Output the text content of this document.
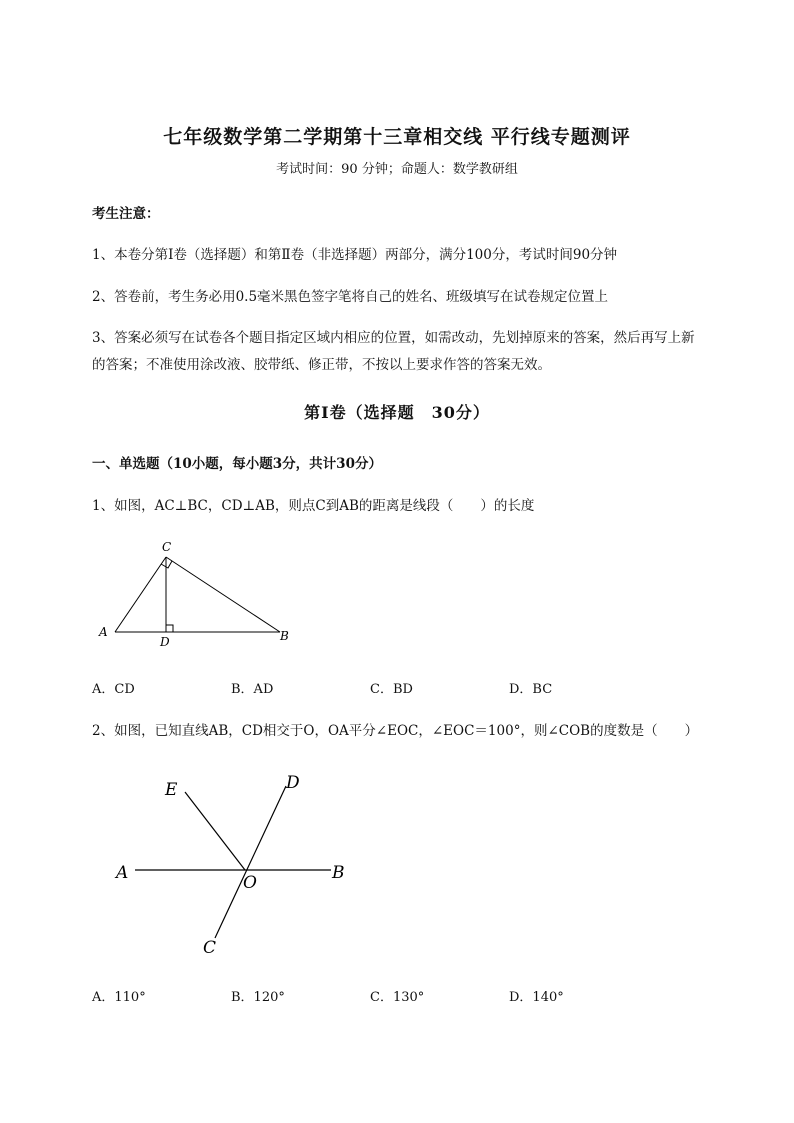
七年级数学第二学期第十三章相交线 平行线专题测评
考试时间：90 分钟；命题人：数学教研组
考生注意：
1、本卷分第Ⅰ卷（选择题）和第Ⅱ卷（非选择题）两部分，满分100分，考试时间90分钟
2、答卷前，考生务必用0.5毫米黑色签字笔将自己的姓名、班级填写在试卷规定位置上
3、答案必须写在试卷各个题目指定区域内相应的位置，如需改动，先划掉原来的答案，然后再写上新
的答案；不准使用涂改液、胶带纸、修正带，不按以上要求作答的答案无效。
第Ⅰ卷（选择题　30分）
一、单选题（10小题，每小题3分，共计30分）
1、如图，AC⊥BC，CD⊥AB，则点C到AB的距离是线段（　　）的长度
A	B
C
D
A．CD	B．AD	C．BD	D．BC
2、如图，已知直线AB，CD相交于O，OA平分∠EOC，∠EOC＝100°，则∠COB的度数是（　　）
E	D
A	O	B
C
A．110°	B．120°	C．130°	D．140°
